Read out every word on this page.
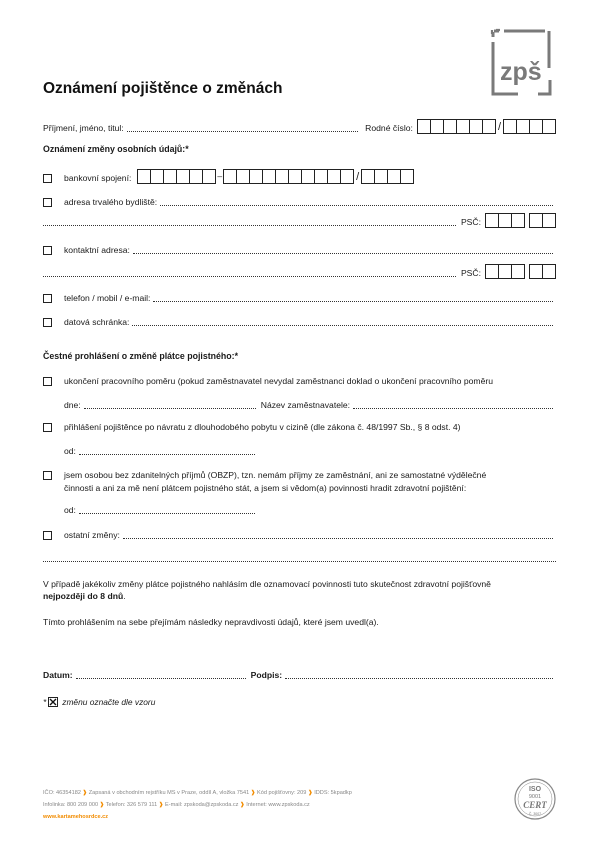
zpš
Oznámení pojištěnce o změnách
Příjmení, jméno, titul:	Rodné číslo:	/
Oznámení změny osobních údajů:*
bankovní spojení:	–	/
adresa trvalého bydliště:
PSČ:
kontaktní adresa:
PSČ:
telefon / mobil / e-mail:
datová schránka:
Čestné prohlášení o změně plátce pojistného:*
ukončení pracovního poměru (pokud zaměstnavatel nevydal zaměstnanci doklad o ukončení pracovního poměru
dne:	Název zaměstnavatele:
přihlášení pojištěnce po návratu z dlouhodobého pobytu v cizině (dle zákona č. 48/1997 Sb., § 8 odst. 4)
od:
jsem osobou bez zdanitelných příjmů (OBZP), tzn. nemám příjmy ze zaměstnání, ani ze samostatné výdělečné
činnosti a ani za mě není plátcem pojistného stát, a jsem si vědom(a) povinnosti hradit zdravotní pojištění:
od:
ostatní změny:
V případě jakékoliv změny plátce pojistného nahlásím dle oznamovací povinnosti tuto skutečnost zdravotní pojišťovně
nejpozději do 8 dnů.
Tímto prohlášením na sebe přejímám následky nepravdivosti údajů, které jsem uvedl(a).
Datum:	Podpis:
* změnu označte dle vzoru
IČO: 46354182 ❱ Zapsaná v obchodním rejstříku MS v Praze, oddíl A, vložka 7541 ❱ Kód pojišťovny: 209 ❱ IDDS: 5kpadkp
Infolinka: 800 209 000 ❱ Telefon: 326 579 111 ❱ E-mail: zpskoda@zpskoda.cz ❱ Internet: www.zpskoda.cz
www.kartamehosrdce.cz
ISO
9001
CERT
Č. 3007
